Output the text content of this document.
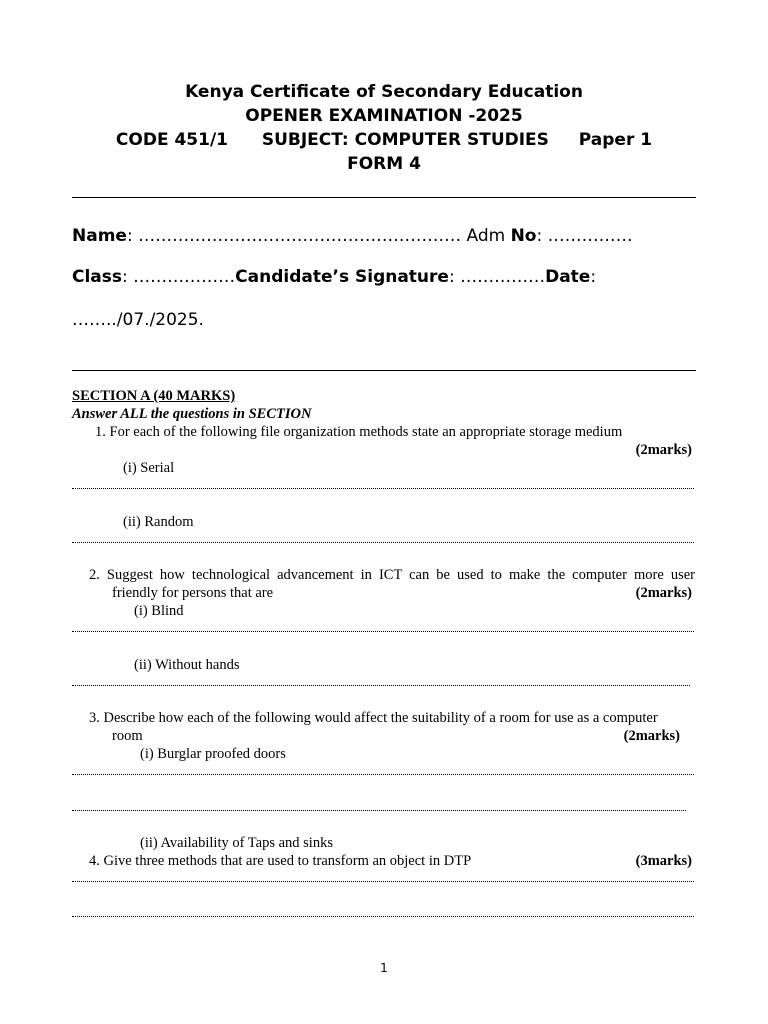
Kenya Certificate of Secondary Education
OPENER EXAMINATION -2025
CODE 451/1 SUBJECT: COMPUTER STUDIES Paper 1
FORM 4
Name: ………………………………………………… Adm No: ……………
Class: ………………Candidate’s Signature: ……………Date:
……../07./2025.
SECTION A (40 MARKS)
Answer ALL the questions in SECTION
1. For each of the following file organization methods state an appropriate storage medium
(2marks)
(i) Serial
(ii) Random
2. Suggest how technological advancement in ICT can be used to make the computer more user
friendly for persons that are	(2marks)
(i) Blind
(ii) Without hands
3. Describe how each of the following would affect the suitability of a room for use as a computer
room	(2marks)
(i) Burglar proofed doors
(ii) Availability of Taps and sinks
4. Give three methods that are used to transform an object in DTP	(3marks)
1
